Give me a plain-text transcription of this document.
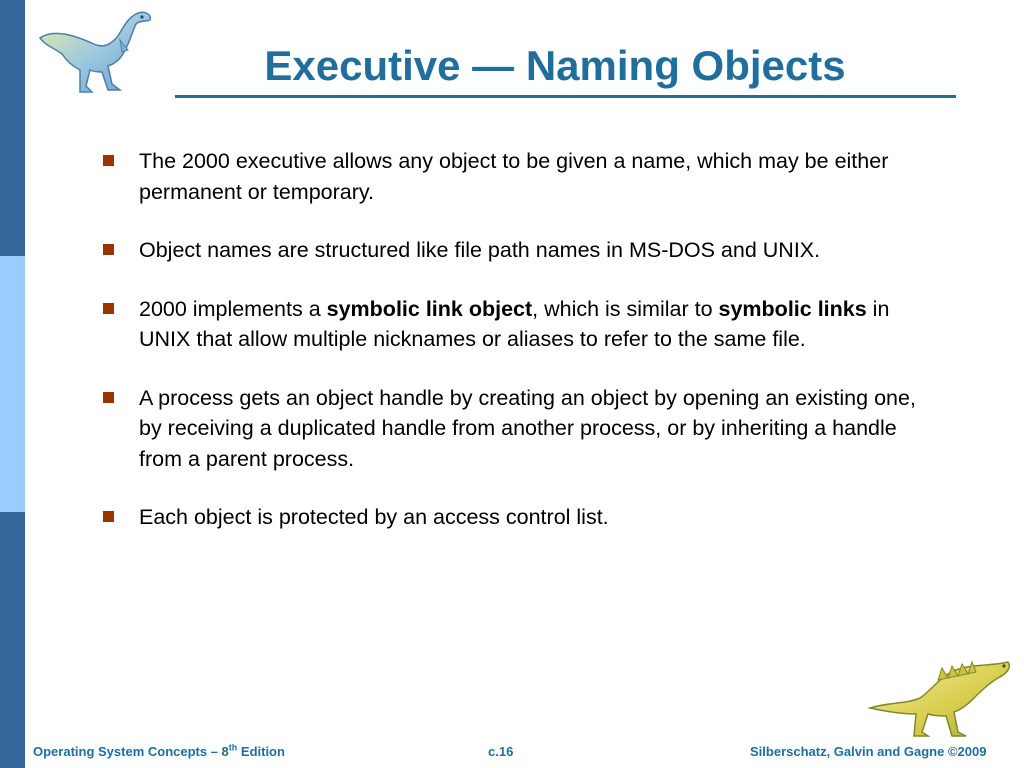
Executive — Naming Objects
The 2000 executive allows any object to be given a name, which may be either permanent or temporary.
Object names are structured like file path names in MS-DOS and UNIX.
2000 implements a symbolic link object, which is similar to symbolic links in UNIX that allow multiple nicknames or aliases to refer to the same file.
A process gets an object handle by creating an object by opening an existing one, by receiving a duplicated handle from another process, or by inheriting a handle from a parent process.
Each object is protected by an access control list.
Operating System Concepts – 8th Edition	c.16	Silberschatz, Galvin and Gagne ©2009
